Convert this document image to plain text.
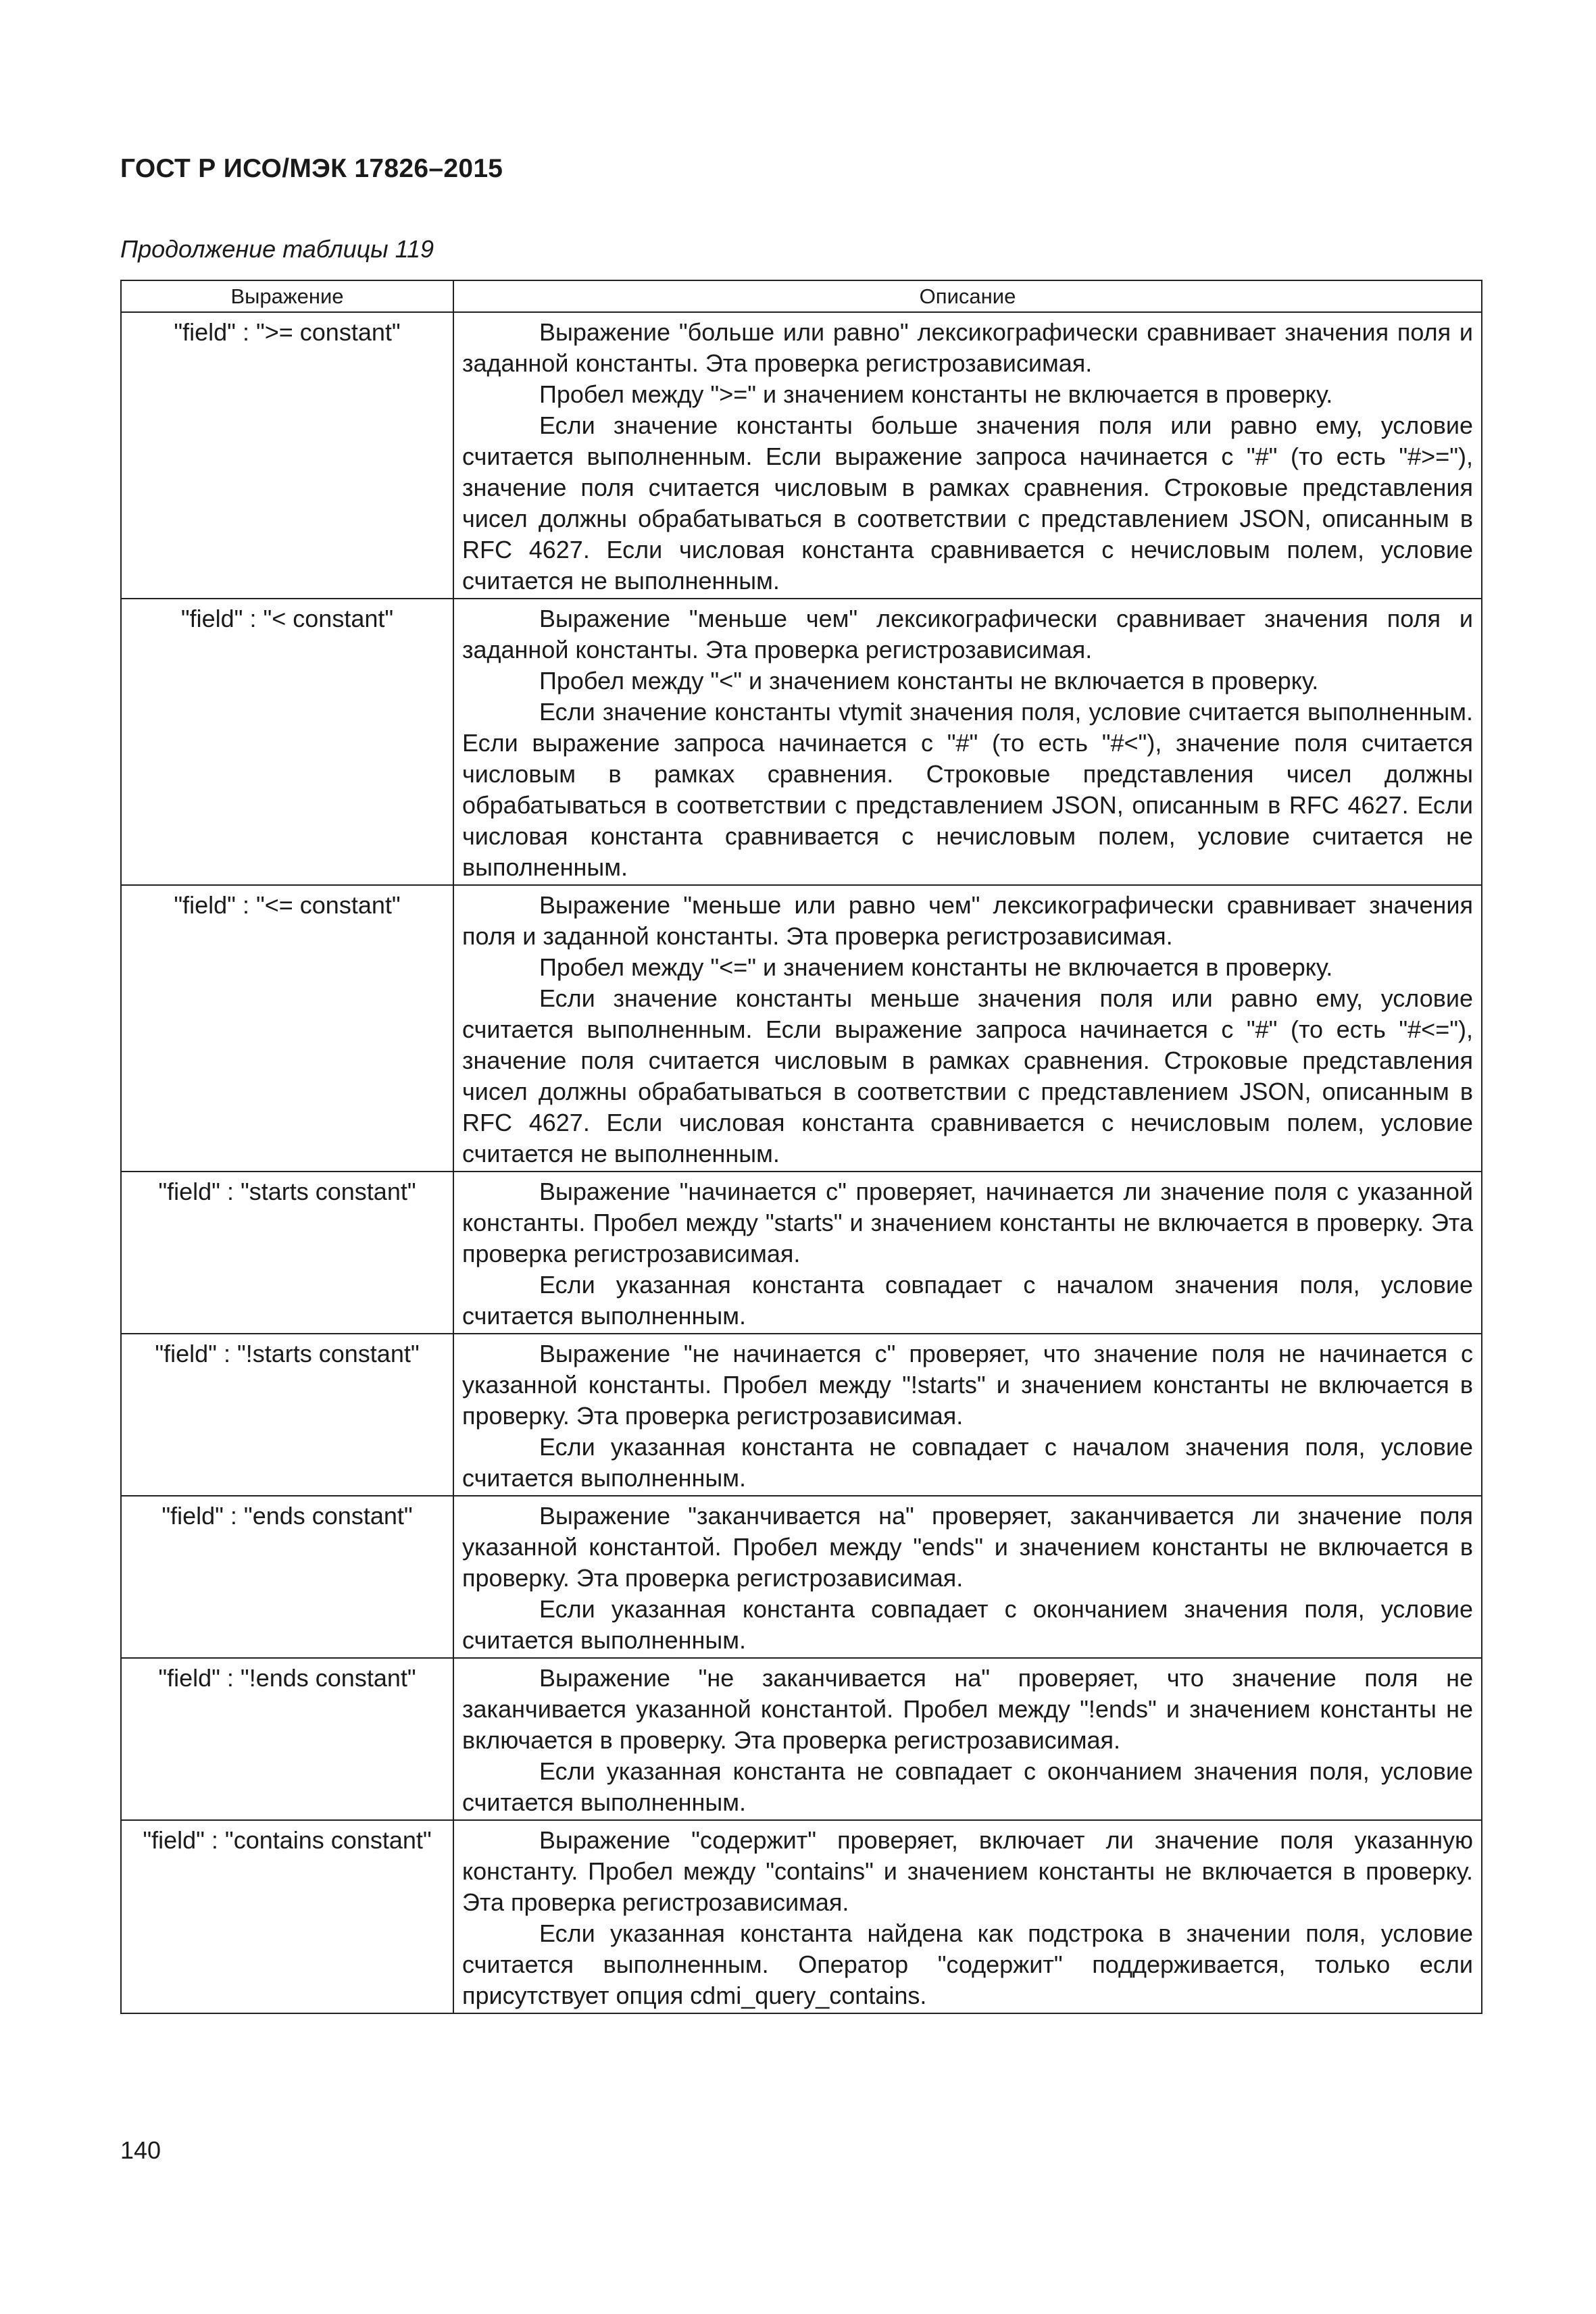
ГОСТ Р ИСО/МЭК 17826–2015
Продолжение таблицы 119
Выражение	Описание
"field" : ">= constant"	Выражение "больше или равно" лексикографически сравнивает значения поля и заданной константы. Эта проверка регистрозависимая.

Пробел между ">=" и значением константы не включается в проверку.

Если значение константы больше значения поля или равно ему, условие считается выполненным. Если выражение запроса начинается с "#" (то есть "#>="), значение поля считается числовым в рамках сравнения. Строковые представления чисел должны обрабатываться в соответствии с представлением JSON, описанным в RFC 4627. Если числовая константа сравнивается с нечисловым полем, условие считается не выполненным.

"field" : "< constant"	Выражение "меньше чем" лексикографически сравнивает значения поля и заданной константы. Эта проверка регистрозависимая.

Пробел между "<" и значением константы не включается в проверку.

Если значение константы vtymit значения поля, условие считается выполненным. Если выражение запроса начинается с "#" (то есть "#<"), значение поля считается числовым в рамках сравнения. Строковые представления чисел должны обрабатываться в соответствии с представлением JSON, описанным в RFC 4627. Если числовая константа сравнивается с нечисловым полем, условие считается не выполненным.

"field" : "<= constant"	Выражение "меньше или равно чем" лексикографически сравнивает значения поля и заданной константы. Эта проверка регистрозависимая.

Пробел между "<=" и значением константы не включается в проверку.

Если значение константы меньше значения поля или равно ему, условие считается выполненным. Если выражение запроса начинается с "#" (то есть "#<="), значение поля считается числовым в рамках сравнения. Строковые представления чисел должны обрабатываться в соответствии с представлением JSON, описанным в RFC 4627. Если числовая константа сравнивается с нечисловым полем, условие считается не выполненным.

"field" : "starts constant"	Выражение "начинается с" проверяет, начинается ли значение поля с указанной константы. Пробел между "starts" и значением константы не включается в проверку. Эта проверка регистрозависимая.

Если указанная константа совпадает с началом значения поля, условие считается выполненным.

"field" : "!starts constant"	Выражение "не начинается с" проверяет, что значение поля не начинается с указанной константы. Пробел между "!starts" и значением константы не включается в проверку. Эта проверка регистрозависимая.

Если указанная константа не совпадает с началом значения поля, условие считается выполненным.

"field" : "ends constant"	Выражение "заканчивается на" проверяет, заканчивается ли значение поля указанной константой. Пробел между "ends" и значением константы не включается в проверку. Эта проверка регистрозависимая.

Если указанная константа совпадает с окончанием значения поля, условие считается выполненным.

"field" : "!ends constant"	Выражение "не заканчивается на" проверяет, что значение поля не заканчивается указанной константой. Пробел между "!ends" и значением константы не включается в проверку. Эта проверка регистрозависимая.

Если указанная константа не совпадает с окончанием значения поля, условие считается выполненным.

"field" : "contains constant"	Выражение "содержит" проверяет, включает ли значение поля указанную константу. Пробел между "contains" и значением константы не включается в проверку. Эта проверка регистрозависимая.

Если указанная константа найдена как подстрока в значении поля, условие считается выполненным. Оператор "содержит" поддерживается, только если присутствует опция cdmi_query_contains.

140
